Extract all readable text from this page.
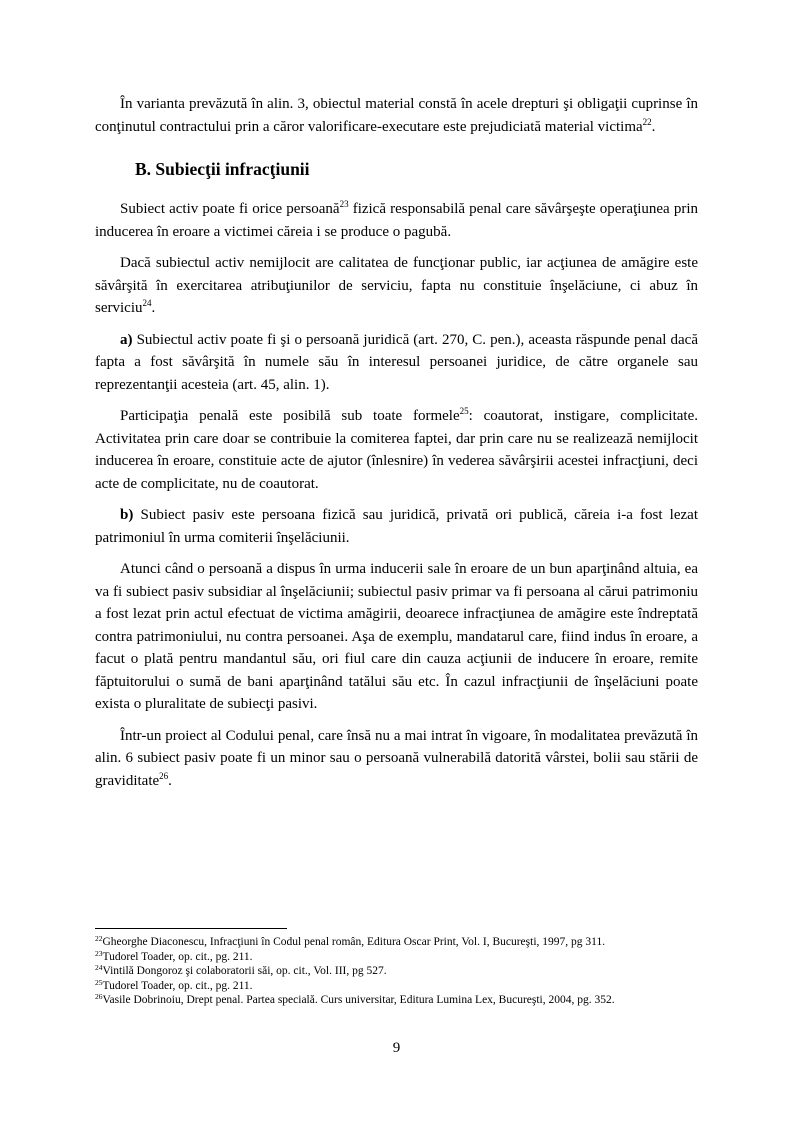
În varianta prevăzută în alin. 3, obiectul material constă în acele drepturi şi obligaţii cuprinse în conţinutul contractului prin a căror valorificare-executare este prejudiciată material victima$^{22}$.

B. Subiecţii infracţiunii

Subiect activ poate fi orice persoană$^{23}$ fizică responsabilă penal care săvârşeşte operaţiunea prin inducerea în eroare a victimei căreia i se produce o pagubă.

Dacă subiectul activ nemijlocit are calitatea de funcţionar public, iar acţiunea de amăgire este săvârşită în exercitarea atribuţiunilor de serviciu, fapta nu constituie înşelăciune, ci abuz în serviciu$^{24}$.

a) Subiectul activ poate fi şi o persoană juridică (art. 270, C. pen.), aceasta răspunde penal dacă fapta a fost săvârşită în numele său în interesul persoanei juridice, de către organele sau reprezentanţii acesteia (art. 45, alin. 1).

Participaţia penală este posibilă sub toate formele$^{25}$: coautorat, instigare, complicitate. Activitatea prin care doar se contribuie la comiterea faptei, dar prin care nu se realizează nemijlocit inducerea în eroare, constituie acte de ajutor (înlesnire) în vederea săvârşirii acestei infracţiuni, deci acte de complicitate, nu de coautorat.

b) Subiect pasiv este persoana fizică sau juridică, privată ori publică, căreia i-a fost lezat patrimoniul în urma comiterii înşelăciunii.

Atunci când o persoană a dispus în urma inducerii sale în eroare de un bun aparţinând altuia, ea va fi subiect pasiv subsidiar al înşelăciunii; subiectul pasiv primar va fi persoana al cărui patrimoniu a fost lezat prin actul efectuat de victima amăgirii, deoarece infracţiunea de amăgire este îndreptată contra patrimoniului, nu contra persoanei. Aşa de exemplu, mandatarul care, fiind indus în eroare, a facut o plată pentru mandantul său, ori fiul care din cauza acţiunii de inducere în eroare, remite făptuitorului o sumă de bani aparţinând tatălui său etc. În cazul infracţiunii de înşelăciuni poate exista o pluralitate de subiecţi pasivi.

Într-un proiect al Codului penal, care însă nu a mai intrat în vigoare, în modalitatea prevăzută în alin. 6 subiect pasiv poate fi un minor sau o persoană vulnerabilă datorită vârstei, bolii sau stării de graviditate$^{26}$.

$^{22}$Gheorghe Diaconescu, Infracţiuni în Codul penal român, Editura Oscar Print, Vol. I, Bucureşti, 1997, pg 311.
$^{23}$Tudorel Toader, op. cit., pg. 211.
$^{24}$Vintilă Dongoroz şi colaboratorii săi, op. cit., Vol. III, pg 527.
$^{25}$Tudorel Toader, op. cit., pg. 211.
$^{26}$Vasile Dobrinoiu, Drept penal. Partea specială. Curs universitar, Editura Lumina Lex, Bucureşti, 2004, pg. 352.
9
